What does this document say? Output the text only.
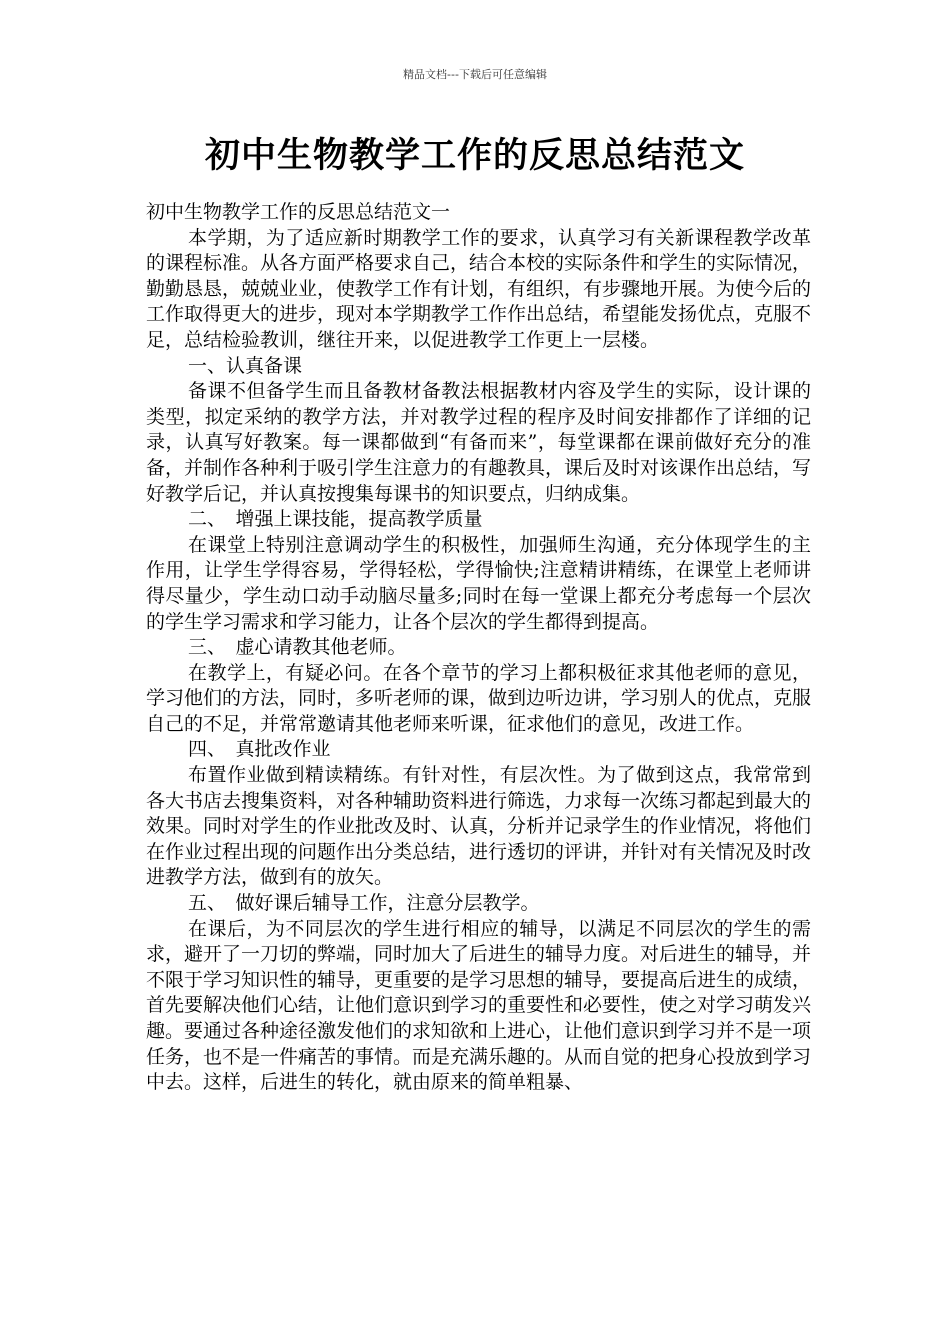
精品文档---下载后可任意编辑
初中生物教学工作的反思总结范文

初中生物教学工作的反思总结范文一

本学期，为了适应新时期教学工作的要求，认真学习有关新课程教学改革的课程标准。从各方面严格要求自己，结合本校的实际条件和学生的实际情况，勤勤恳恳，兢兢业业，使教学工作有计划，有组织，有步骤地开展。为使今后的工作取得更大的进步，现对本学期教学工作作出总结，希望能发扬优点，克服不足，总结检验教训，继往开来，以促进教学工作更上一层楼。

一、认真备课

备课不但备学生而且备教材备教法根据教材内容及学生的实际，设计课的类型，拟定采纳的教学方法，并对教学过程的程序及时间安排都作了详细的记录，认真写好教案。每一课都做到“有备而来”，每堂课都在课前做好充分的准备，并制作各种利于吸引学生注意力的有趣教具，课后及时对该课作出总结，写好教学后记，并认真按搜集每课书的知识要点，归纳成集。

二、　增强上课技能，提高教学质量

在课堂上特别注意调动学生的积极性，加强师生沟通，充分体现学生的主作用，让学生学得容易，学得轻松，学得愉快;注意精讲精练，在课堂上老师讲得尽量少，学生动口动手动脑尽量多;同时在每一堂课上都充分考虑每一个层次的学生学习需求和学习能力，让各个层次的学生都得到提高。

三、　虚心请教其他老师。

在教学上，有疑必问。在各个章节的学习上都积极征求其他老师的意见，学习他们的方法，同时，多听老师的课，做到边听边讲，学习别人的优点，克服自己的不足，并常常邀请其他老师来听课，征求他们的意见，改进工作。

四、　真批改作业

布置作业做到精读精练。有针对性，有层次性。为了做到这点，我常常到各大书店去搜集资料，对各种辅助资料进行筛选，力求每一次练习都起到最大的效果。同时对学生的作业批改及时、认真，分析并记录学生的作业情况，将他们在作业过程出现的问题作出分类总结，进行透切的评讲，并针对有关情况及时改进教学方法，做到有的放矢。

五、　做好课后辅导工作，注意分层教学。

在课后，为不同层次的学生进行相应的辅导，以满足不同层次的学生的需求，避开了一刀切的弊端，同时加大了后进生的辅导力度。对后进生的辅导，并不限于学习知识性的辅导，更重要的是学习思想的辅导，要提高后进生的成绩，首先要解决他们心结，让他们意识到学习的重要性和必要性，使之对学习萌发兴趣。要通过各种途径激发他们的求知欲和上进心，让他们意识到学习并不是一项任务，也不是一件痛苦的事情。而是充满乐趣的。从而自觉的把身心投放到学习中去。这样，后进生的转化，就由原来的简单粗暴、
